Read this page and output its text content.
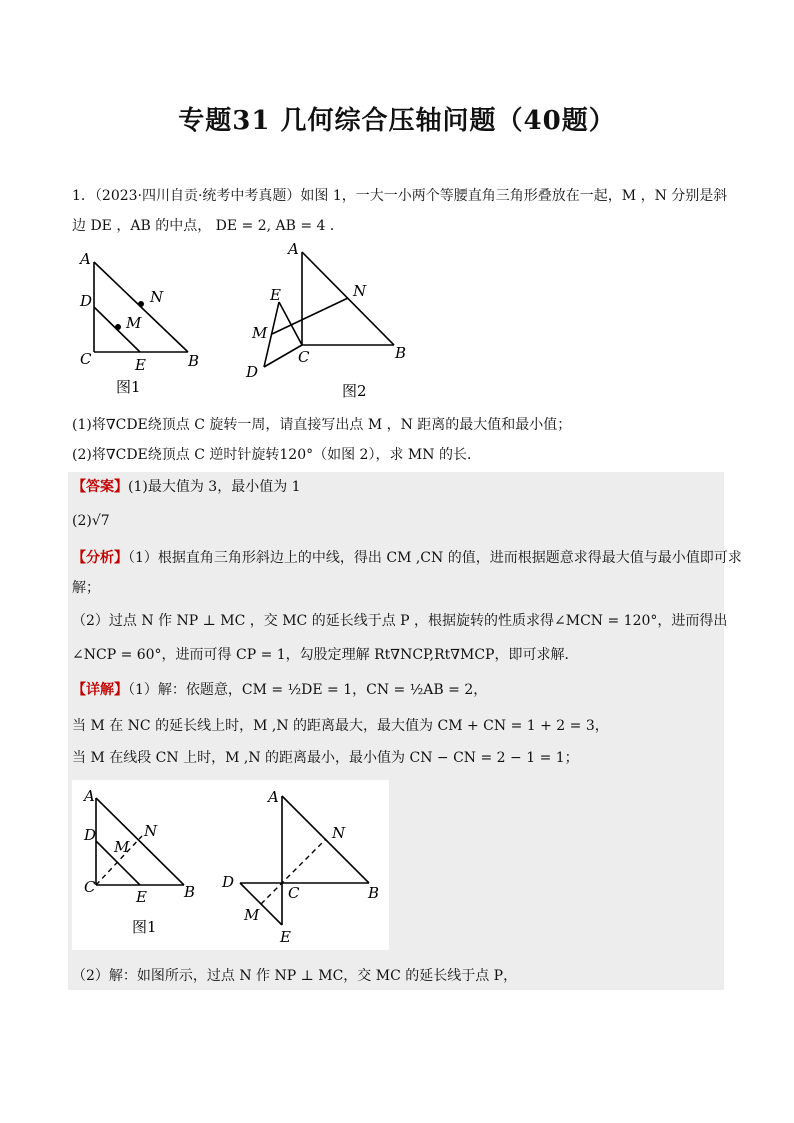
专题31 几何综合压轴问题（40题）
1．（2023·四川自贡·统考中考真题）如图 1，一大一小两个等腰直角三角形叠放在一起，M ，N 分别是斜
边 DE ，AB 的中点， DE = 2, AB = 4 ．
A
D	N
M
C	E	B
图1
A
E	N
M
C	B
D
图2
(1)将∇CDE绕顶点 C 旋转一周，请直接写出点 M ，N 距离的最大值和最小值；
(2)将∇CDE绕顶点 C 逆时针旋转120°（如图 2），求 MN 的长．
【答案】(1)最大值为 3，最小值为 1
(2)√7
【分析】（1）根据直角三角形斜边上的中线，得出 CM ,CN 的值，进而根据题意求得最大值与最小值即可求
解；
（2）过点 N 作 NP ⊥ MC ，交 MC 的延长线于点 P ，根据旋转的性质求得∠MCN = 120°，进而得出
∠NCP = 60°，进而可得 CP = 1，勾股定理解 Rt∇NCP,Rt∇MCP，即可求解．
【详解】（1）解：依题意，CM = ½DE = 1，CN = ½AB = 2，
当 M 在 NC 的延长线上时，M ,N 的距离最大，最大值为 CM + CN = 1 + 2 = 3，
当 M 在线段 CN 上时，M ,N 的距离最小，最小值为 CN − CN = 2 − 1 = 1；
A
D	N
M
C
E B
图1
A
N
D
C	B
M
E
（2）解：如图所示，过点 N 作 NP ⊥ MC，交 MC 的延长线于点 P，
